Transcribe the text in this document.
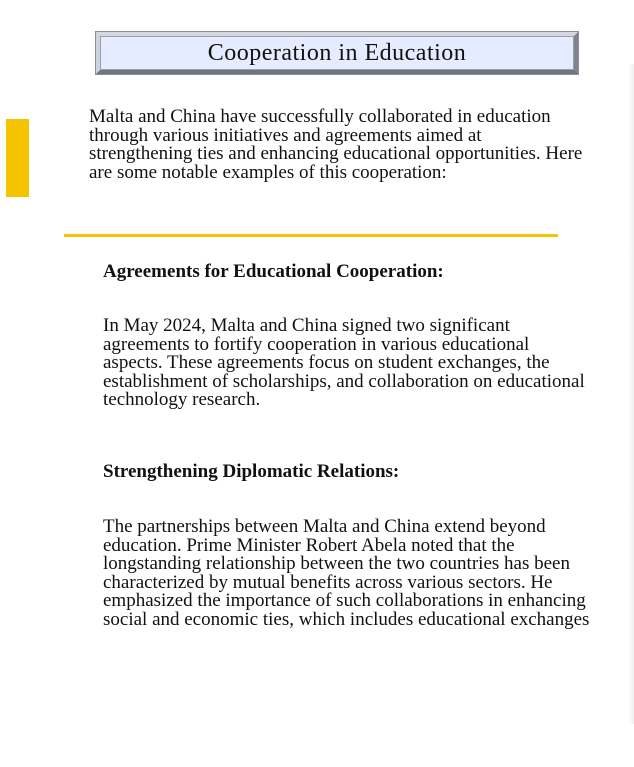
Cooperation in Education

Malta and China have successfully collaborated in education through various initiatives and agreements aimed at strengthening ties and enhancing educational opportunities. Here are some notable examples of this cooperation:

Agreements for Educational Cooperation:

In May 2024, Malta and China signed two significant agreements to fortify cooperation in various educational aspects. These agreements focus on student exchanges, the establishment of scholarships, and collaboration on educational technology research.

Strengthening Diplomatic Relations:

The partnerships between Malta and China extend beyond education. Prime Minister Robert Abela noted that the longstanding relationship between the two countries has been characterized by mutual benefits across various sectors. He emphasized the importance of such collaborations in enhancing social and economic ties, which includes educational exchanges
